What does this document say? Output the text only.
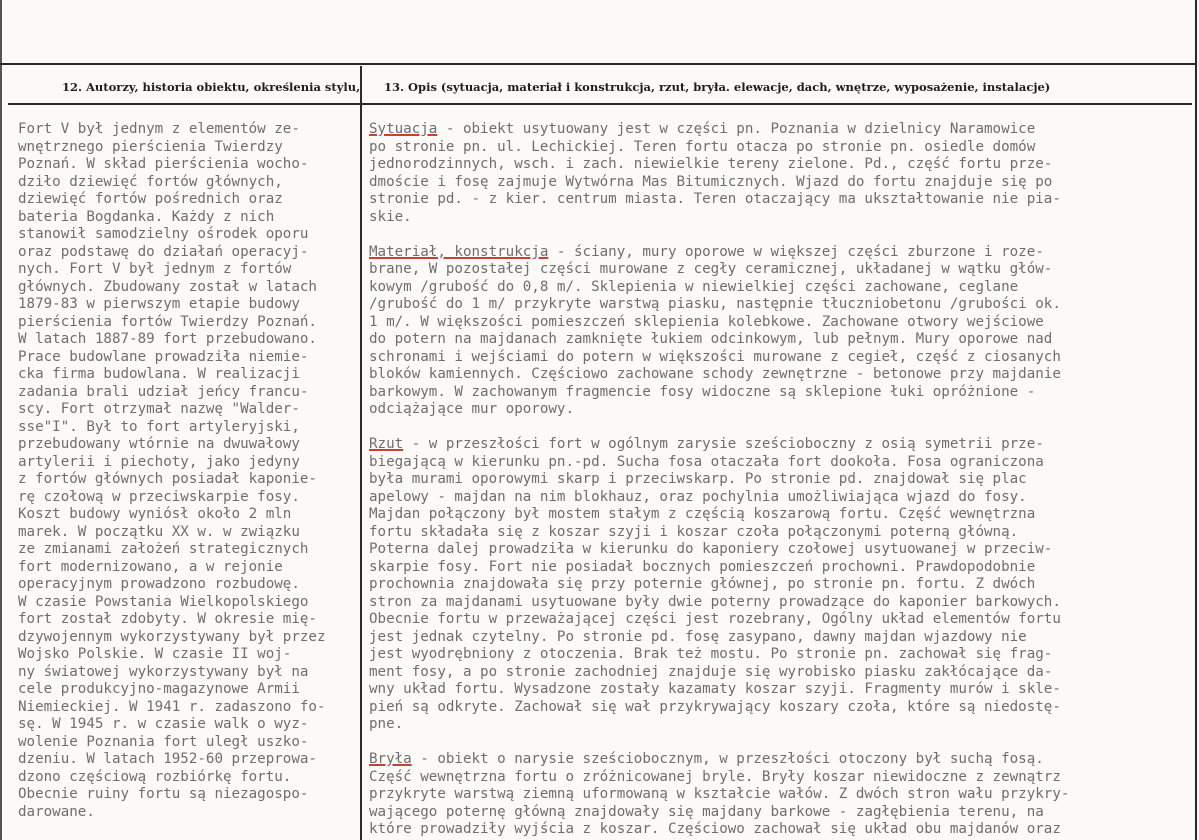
12. Autorzy, historia obiektu, określenia stylu, 13. Opis (sytuacja, materiał i konstrukcja, rzut, bryła. elewacje, dach, wnętrze, wyposażenie, instalacje)

Fort V był jednym z elementów ze-

wnętrznego pierścienia Twierdzy

Poznań. W skład pierścienia wocho-

dziło dziewięć fortów głównych,

dziewięć fortów pośrednich oraz

bateria Bogdanka. Każdy z nich

stanowił samodzielny ośrodek oporu

oraz podstawę do działań operacyj-

nych. Fort V był jednym z fortów

głównych. Zbudowany został w latach

1879-83 w pierwszym etapie budowy

pierścienia fortów Twierdzy Poznań.

W latach 1887-89 fort przebudowano.

Prace budowlane prowadziła niemie-

cka firma budowlana. W realizacji

zadania brali udział jeńcy francu-

scy. Fort otrzymał nazwę "Walder-

sse"I". Był to fort artyleryjski,

przebudowany wtórnie na dwuwałowy

artylerii i piechoty, jako jedyny

z fortów głównych posiadał kaponie-

rę czołową w przeciwskarpie fosy.

Koszt budowy wyniósł około 2 mln

marek. W początku XX w. w związku

ze zmianami założeń strategicznych

fort modernizowano, a w rejonie

operacyjnym prowadzono rozbudowę.

W czasie Powstania Wielkopolskiego

fort został zdobyty. W okresie mię-

dzywojennym wykorzystywany był przez

Wojsko Polskie. W czasie II woj-

ny światowej wykorzystywany był na

cele produkcyjno-magazynowe Armii

Niemieckiej. W 1941 r. zadaszono fo-

sę. W 1945 r. w czasie walk o wyz-

wolenie Poznania fort uległ uszko-

dzeniu. W latach 1952-60 przeprowa-

dzono częściową rozbiórkę fortu.

Obecnie ruiny fortu są niezagospo-

darowane.

Sytuacja - obiekt usytuowany jest w części pn. Poznania w dzielnicy Naramowice

po stronie pn. ul. Lechickiej. Teren fortu otacza po stronie pn. osiedle domów

jednorodzinnych, wsch. i zach. niewielkie tereny zielone. Pd., część fortu prze-

dmoście i fosę zajmuje Wytwórna Mas Bitumicznych. Wjazd do fortu znajduje się po

stronie pd. - z kier. centrum miasta. Teren otaczający ma ukształtowanie nie pia-

skie.

Materiał, konstrukcja - ściany, mury oporowe w większej części zburzone i roze-

brane, W pozostałej części murowane z cegły ceramicznej, układanej w wątku głów-

kowym /grubość do 0,8 m/. Sklepienia w niewielkiej części zachowane, ceglane

/grubość do 1 m/ przykryte warstwą piasku, następnie tłuczniobetonu /grubości ok.

1 m/. W większości pomieszczeń sklepienia kolebkowe. Zachowane otwory wejściowe

do potern na majdanach zamknięte łukiem odcinkowym, lub pełnym. Mury oporowe nad

schronami i wejściami do potern w większości murowane z cegieł, część z ciosanych

bloków kamiennych. Częściowo zachowane schody zewnętrzne - betonowe przy majdanie

barkowym. W zachowanym fragmencie fosy widoczne są sklepione łuki opróżnione -

odciążające mur oporowy.

Rzut - w przeszłości fort w ogólnym zarysie sześcioboczny z osią symetrii prze-

biegającą w kierunku pn.-pd. Sucha fosa otaczała fort dookoła. Fosa ograniczona

była murami oporowymi skarp i przeciwskarp. Po stronie pd. znajdował się plac

apelowy - majdan na nim blokhauz, oraz pochylnia umożliwiająca wjazd do fosy.

Majdan połączony był mostem stałym z częścią koszarową fortu. Część wewnętrzna

fortu składała się z koszar szyji i koszar czoła połączonymi poterną główną.

Poterna dalej prowadziła w kierunku do kaponiery czołowej usytuowanej w przeciw-

skarpie fosy. Fort nie posiadał bocznych pomieszczeń prochowni. Prawdopodobnie

prochownia znajdowała się przy poternie głównej, po stronie pn. fortu. Z dwóch

stron za majdanami usytuowane były dwie poterny prowadzące do kaponier barkowych.

Obecnie fortu w przeważającej części jest rozebrany, Ogólny układ elementów fortu

jest jednak czytelny. Po stronie pd. fosę zasypano, dawny majdan wjazdowy nie

jest wyodrębniony z otoczenia. Brak też mostu. Po stronie pn. zachował się frag-

ment fosy, a po stronie zachodniej znajduje się wyrobisko piasku zakłócające da-

wny układ fortu. Wysadzone zostały kazamaty koszar szyji. Fragmenty murów i skle-

pień są odkryte. Zachował się wał przykrywający koszary czoła, które są niedostę-

pne.

Bryła - obiekt o narysie sześciobocznym, w przeszłości otoczony był suchą fosą.

Część wewnętrzna fortu o zróżnicowanej bryle. Bryły koszar niewidoczne z zewnątrz

przykryte warstwą ziemną uformowaną w kształcie wałów. Z dwóch stron wału przykry-

wającego poternę główną znajdowały się majdany barkowe - zagłębienia terenu, na

które prowadziły wyjścia z koszar. Częściowo zachował się układ obu majdanów oraz
